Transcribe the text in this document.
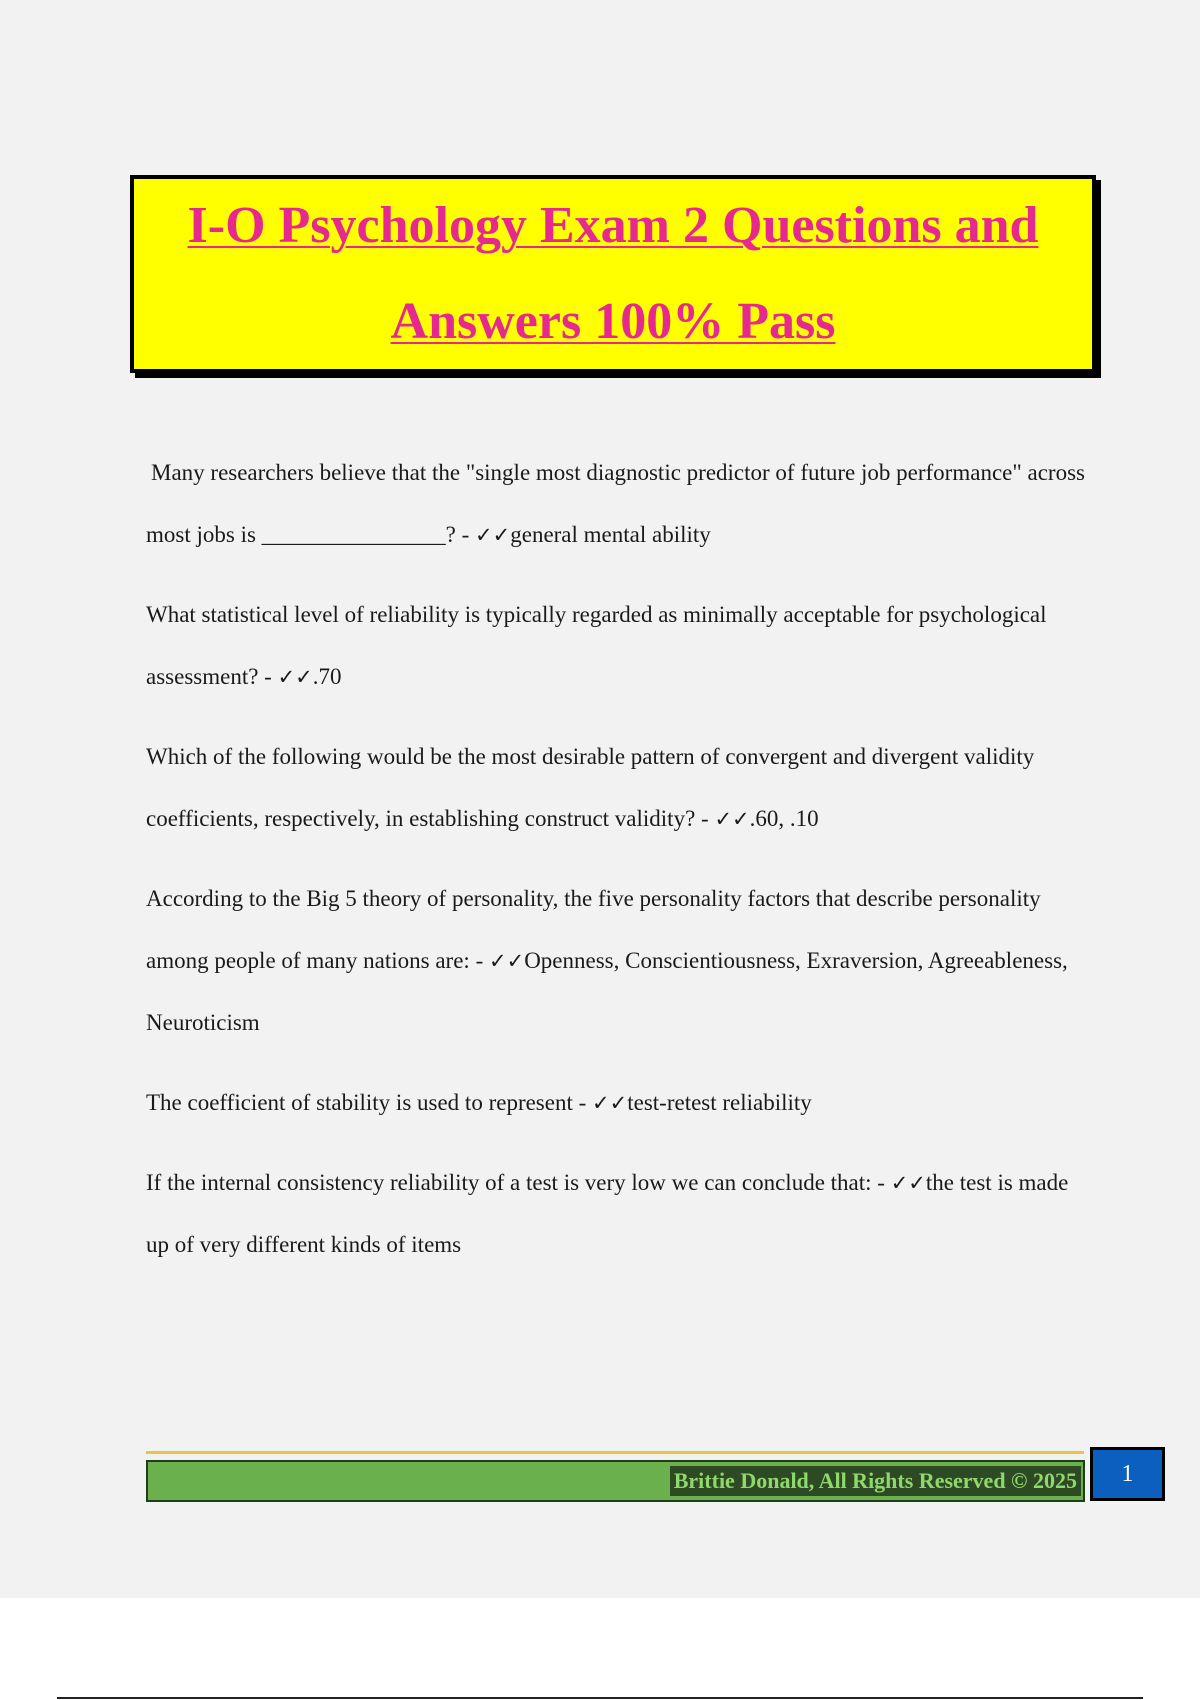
I-O Psychology Exam 2 Questions and
Answers 100% Pass

Many researchers believe that the "single most diagnostic predictor of future job performance" across most jobs is ________________? - ✓✓general mental ability

What statistical level of reliability is typically regarded as minimally acceptable for psychological assessment? - ✓✓.70

Which of the following would be the most desirable pattern of convergent and divergent validity coefficients, respectively, in establishing construct validity? - ✓✓.60, .10

According to the Big 5 theory of personality, the five personality factors that describe personality among people of many nations are: - ✓✓Openness, Conscientiousness, Exraversion, Agreeableness, Neuroticism

The coefficient of stability is used to represent - ✓✓test-retest reliability

If the internal consistency reliability of a test is very low we can conclude that: - ✓✓the test is made up of very different kinds of items

Brittie Donald, All Rights Reserved © 2025	1
